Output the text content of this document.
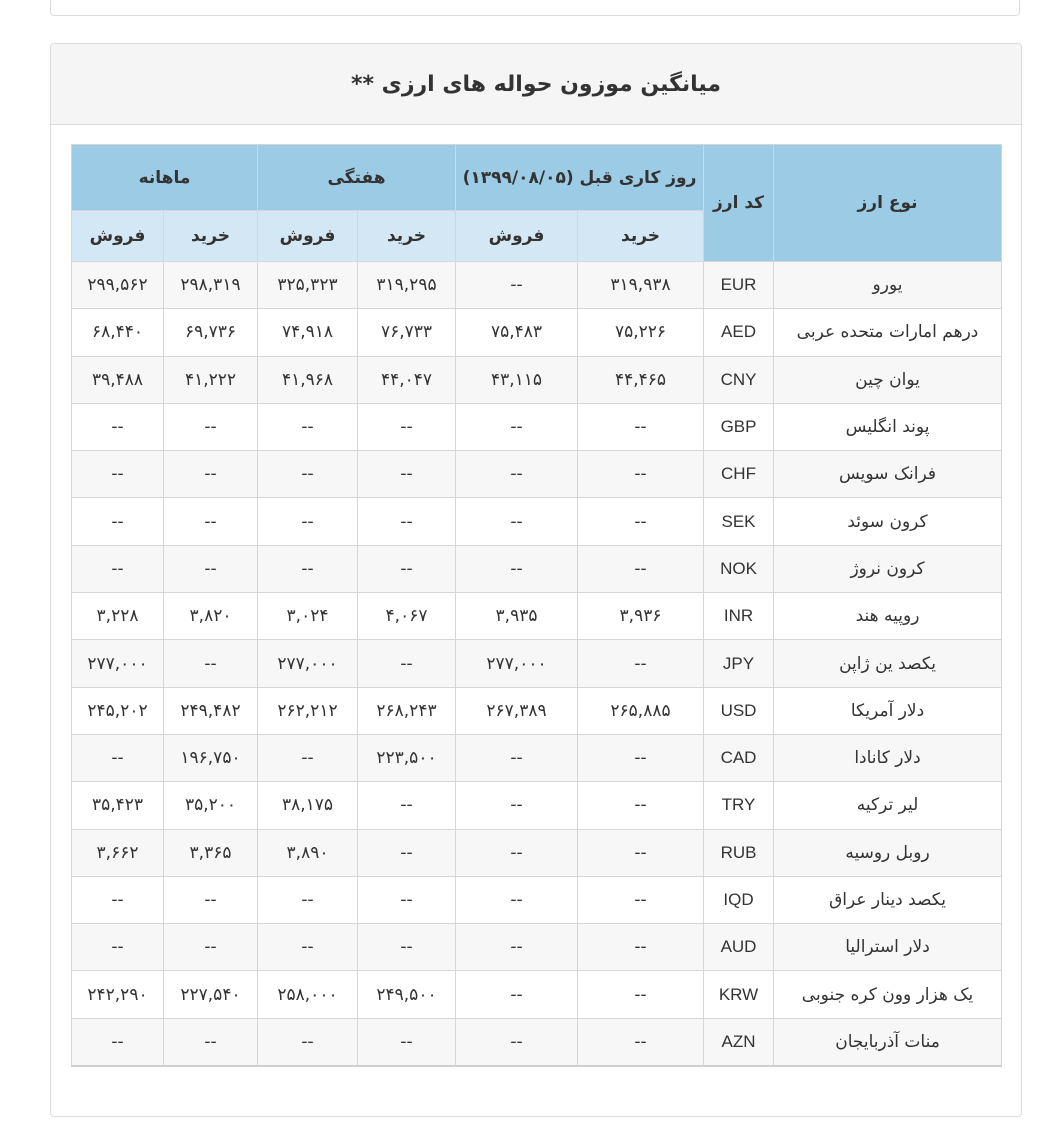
میانگین موزون حواله های ارزی **
نوع ارز	کد ارز	روز کاری قبل (۱۳۹۹/۰۸/۰۵)		هفتگی		ماهانه	
		خرید	فروش	خرید	فروش	خرید	فروش
یورو	EUR	۳۱۹,۹۳۸	--	۳۱۹,۲۹۵	۳۲۵,۳۲۳	۲۹۸,۳۱۹	۲۹۹,۵۶۲
درهم امارات متحده عربی	AED	۷۵,۲۲۶	۷۵,۴۸۳	۷۶,۷۳۳	۷۴,۹۱۸	۶۹,۷۳۶	۶۸,۴۴۰
یوان چین	CNY	۴۴,۴۶۵	۴۳,۱۱۵	۴۴,۰۴۷	۴۱,۹۶۸	۴۱,۲۲۲	۳۹,۴۸۸
پوند انگلیس	GBP	--	--	--	--	--	--
فرانک سویس	CHF	--	--	--	--	--	--
کرون سوئد	SEK	--	--	--	--	--	--
کرون نروژ	NOK	--	--	--	--	--	--
روپیه هند	INR	۳,۹۳۶	۳,۹۳۵	۴,۰۶۷	۳,۰۲۴	۳,۸۲۰	۳,۲۲۸
یکصد ین ژاپن	JPY	--	۲۷۷,۰۰۰	--	۲۷۷,۰۰۰	--	۲۷۷,۰۰۰
دلار آمریکا	USD	۲۶۵,۸۸۵	۲۶۷,۳۸۹	۲۶۸,۲۴۳	۲۶۲,۲۱۲	۲۴۹,۴۸۲	۲۴۵,۲۰۲
دلار کانادا	CAD	--	--	۲۲۳,۵۰۰	--	۱۹۶,۷۵۰	--
لیر ترکیه	TRY	--	--	--	۳۸,۱۷۵	۳۵,۲۰۰	۳۵,۴۲۳
روبل روسیه	RUB	--	--	--	۳,۸۹۰	۳,۳۶۵	۳,۶۶۲
یکصد دینار عراق	IQD	--	--	--	--	--	--
دلار استرالیا	AUD	--	--	--	--	--	--
یک هزار وون کره جنوبی	KRW	--	--	۲۴۹,۵۰۰	۲۵۸,۰۰۰	۲۲۷,۵۴۰	۲۴۲,۲۹۰
منات آذربایجان	AZN	--	--	--	--	--	--
